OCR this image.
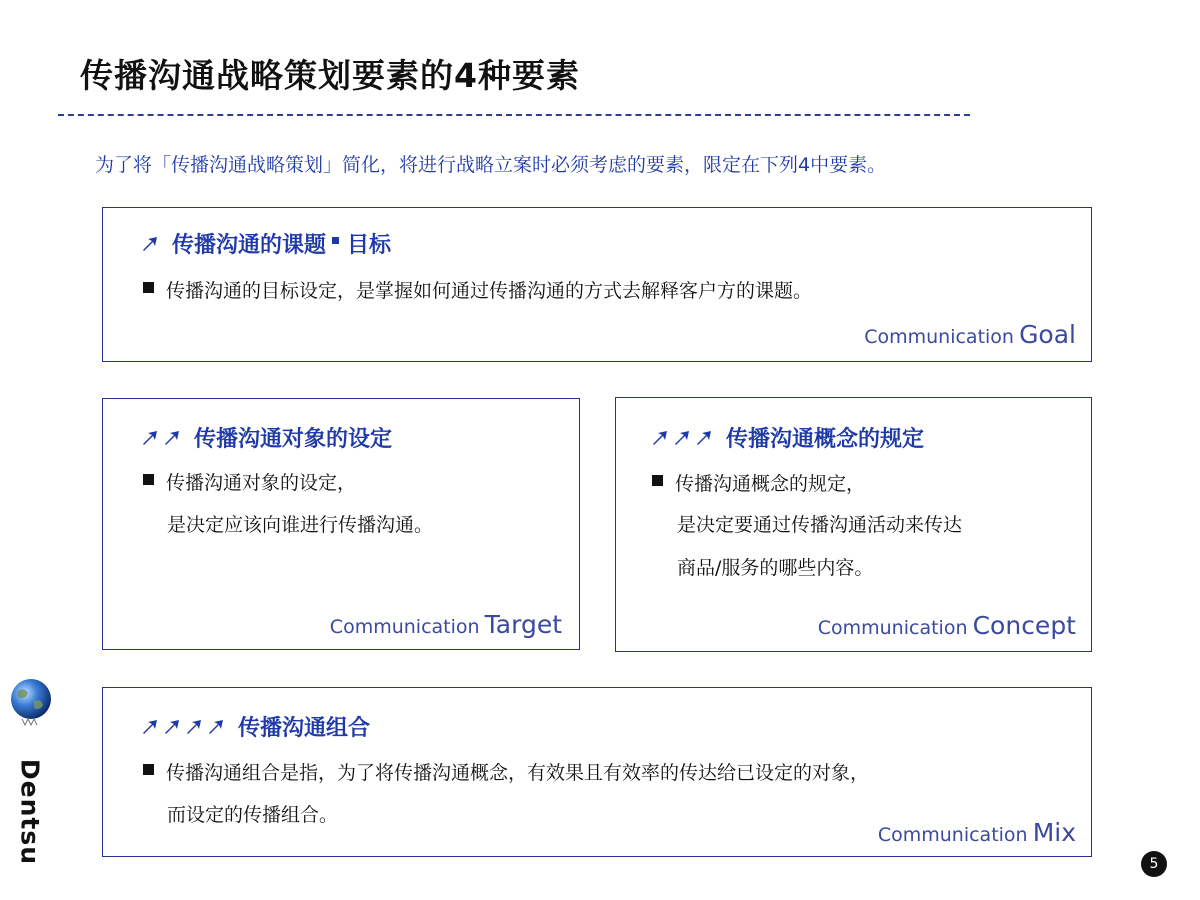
传播沟通战略策划要素的4种要素
为了将「传播沟通战略策划」简化，将进行战略立案时必须考虑的要素，限定在下列4中要素。
传播沟通的课题 目标
传播沟通的目标设定，是掌握如何通过传播沟通的方式去解释客户方的课题。
Communication Goal
传播沟通对象的设定
传播沟通对象的设定，
是决定应该向谁进行传播沟通。
Communication Target
传播沟通概念的规定
传播沟通概念的规定，
是决定要通过传播沟通活动来传达
商品/服务的哪些内容。
Communication Concept
传播沟通组合
传播沟通组合是指，为了将传播沟通概念，有效果且有效率的传达给已设定的对象，
而设定的传播组合。
Communication Mix
Dentsu	5
